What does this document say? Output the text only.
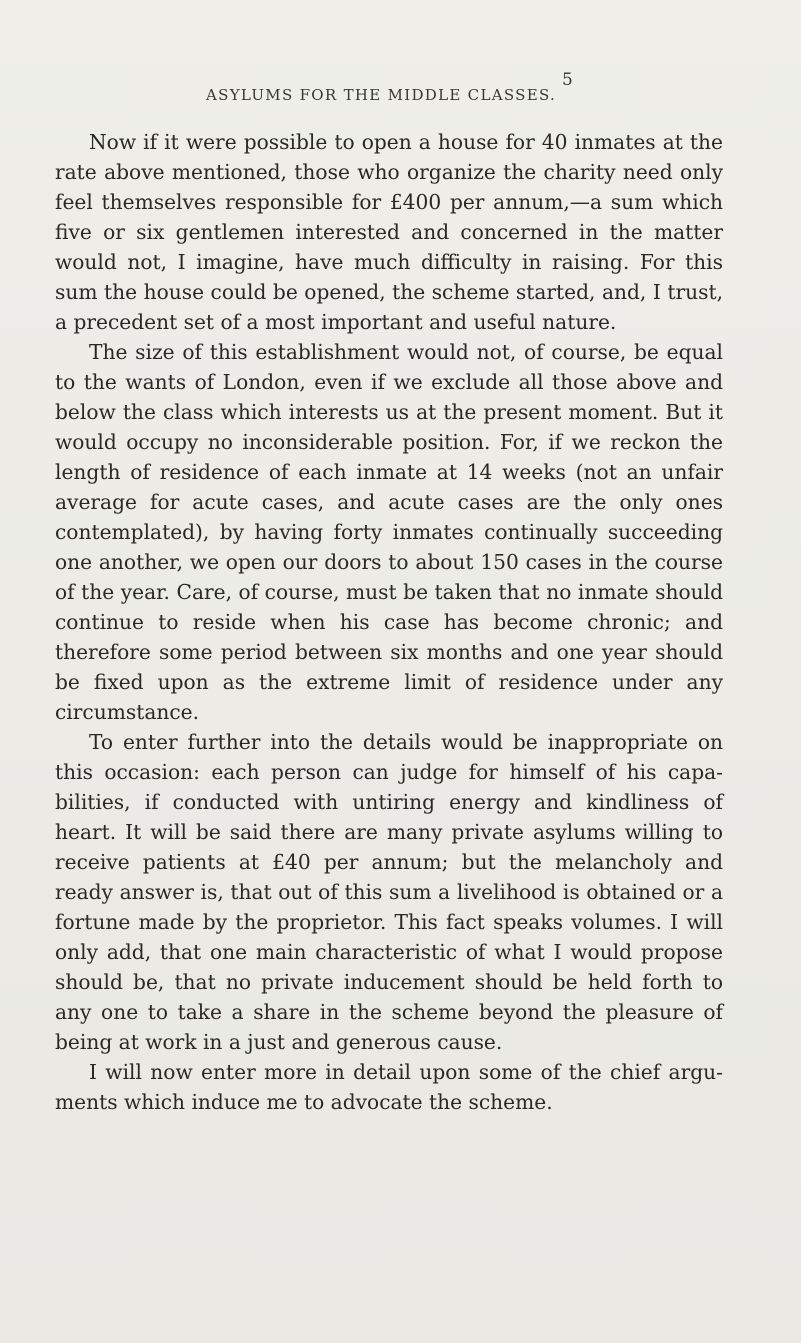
ASYLUMS FOR THE MIDDLE CLASSES.
5

Now if it were possible to open a house for 40 inmates at the rate above mentioned, those who organize the charity need only feel themselves responsible for £400 per annum,—a sum which five or six gentlemen interested and concerned in the matter would not, I imagine, have much difficulty in raising. For this sum the house could be opened, the scheme started, and, I trust, a precedent set of a most important and useful nature.

The size of this establishment would not, of course, be equal to the wants of London, even if we exclude all those above and below the class which interests us at the present moment. But it would occupy no inconsiderable position. For, if we reckon the length of residence of each inmate at 14 weeks (not an unfair average for acute cases, and acute cases are the only ones contemplated), by having forty inmates continually succeeding one another, we open our doors to about 150 cases in the course of the year. Care, of course, must be taken that no inmate should continue to reside when his case has become chronic; and therefore some period between six months and one year should be fixed upon as the extreme limit of residence under any circumstance.

To enter further into the details would be inappropriate on this occasion: each person can judge for himself of his capabilities, if conducted with untiring energy and kindliness of heart. It will be said there are many private asylums willing to receive patients at £40 per annum; but the melancholy and ready answer is, that out of this sum a livelihood is obtained or a fortune made by the proprietor. This fact speaks volumes. I will only add, that one main characteristic of what I would propose should be, that no private inducement should be held forth to any one to take a share in the scheme beyond the pleasure of being at work in a just and generous cause.

I will now enter more in detail upon some of the chief arguments which induce me to advocate the scheme.
